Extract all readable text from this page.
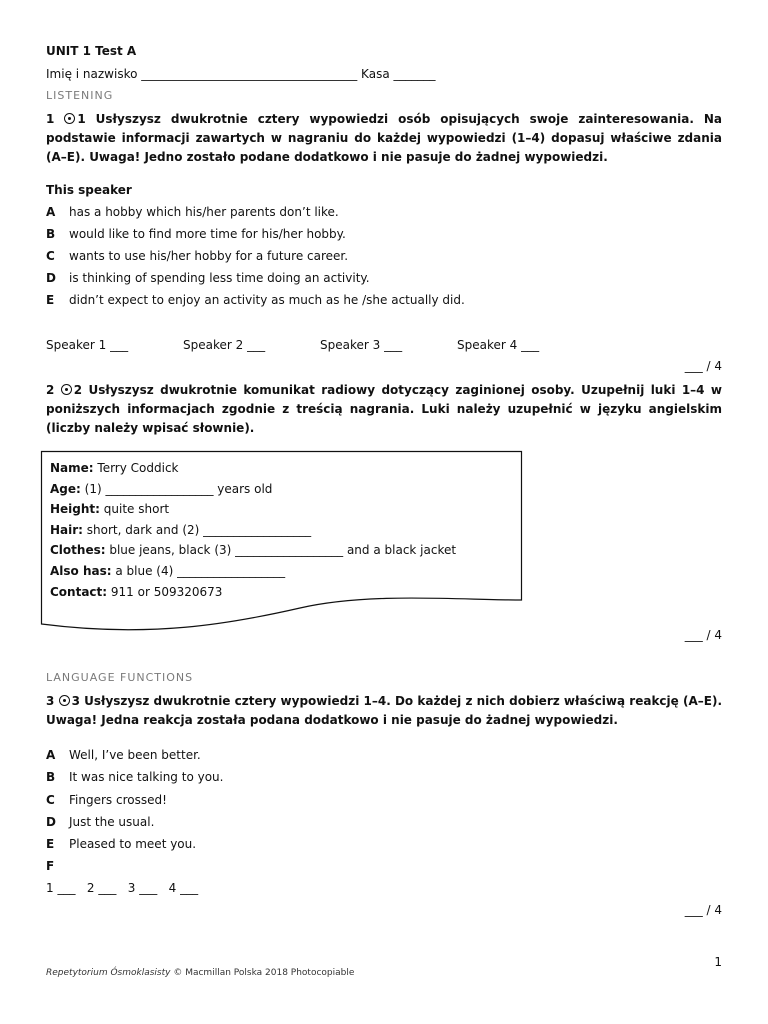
UNIT 1 Test A
Imię i nazwisko ____________________________________ Kasa _______
LISTENING
1 1 Usłyszysz dwukrotnie cztery wypowiedzi osób opisujących swoje zainteresowania. Na podstawie informacji zawartych w nagraniu do każdej wypowiedzi (1–4) dopasuj właściwe zdania (A–E). Uwaga! Jedno zostało podane dodatkowo i nie pasuje do żadnej wypowiedzi.
This speaker
A has a hobby which his/her parents don’t like.
B would like to find more time for his/her hobby.
C wants to use his/her hobby for a future career.
D is thinking of spending less time doing an activity.
E didn’t expect to enjoy an activity as much as he /she actually did.
Speaker 1 ___	Speaker 2 ___	Speaker 3 ___	Speaker 4 ___
___ / 4
2 2 Usłyszysz dwukrotnie komunikat radiowy dotyczący zaginionej osoby. Uzupełnij luki 1–4 w poniższych informacjach zgodnie z treścią nagrania. Luki należy uzupełnić w języku angielskim (liczby należy wpisać słownie).
Name: Terry Coddick
Age: (1) __________________ years old
Height: quite short
Hair: short, dark and (2) __________________
Clothes: blue jeans, black (3) __________________ and a black jacket
Also has: a blue (4) __________________
Contact: 911 or 509320673
___ / 4
LANGUAGE FUNCTIONS
3 3 Usłyszysz dwukrotnie cztery wypowiedzi 1–4. Do każdej z nich dobierz właściwą reakcję (A–E). Uwaga! Jedna reakcja została podana dodatkowo i nie pasuje do żadnej wypowiedzi.
A Well, I’ve been better.
B It was nice talking to you.
C Fingers crossed!
D Just the usual.
E Pleased to meet you.
F
1 ___   2 ___   3 ___   4 ___
___ / 4
1
Repetytorium Ósmoklasisty © Macmillan Polska 2018 Photocopiable
